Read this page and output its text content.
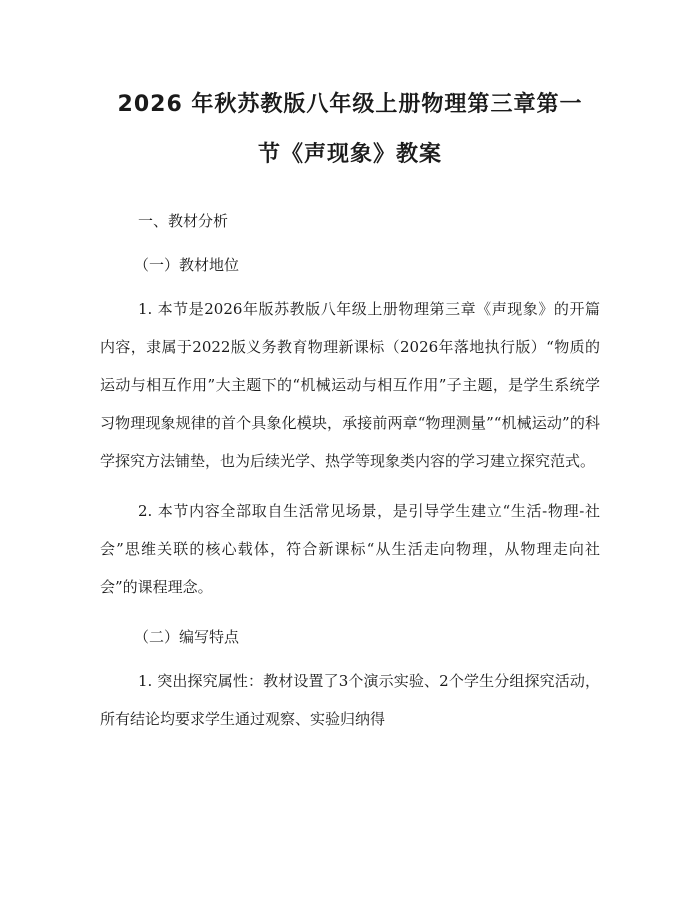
2026 年秋苏教版八年级上册物理第三章第一
节《声现象》教案

一、教材分析

（一）教材地位

1. 本节是2026年版苏教版八年级上册物理第三章《声现象》的开篇内容，隶属于2022版义务教育物理新课标（2026年落地执行版）“物质的运动与相互作用”大主题下的“机械运动与相互作用”子主题，是学生系统学习物理现象规律的首个具象化模块，承接前两章“物理测量”“机械运动”的科学探究方法铺垫，也为后续光学、热学等现象类内容的学习建立探究范式。

2. 本节内容全部取自生活常见场景，是引导学生建立“生活-物理-社会”思维关联的核心载体，符合新课标“从生活走向物理，从物理走向社会”的课程理念。

（二）编写特点

1. 突出探究属性：教材设置了3个演示实验、2个学生分组探究活动，所有结论均要求学生通过观察、实验归纳得
